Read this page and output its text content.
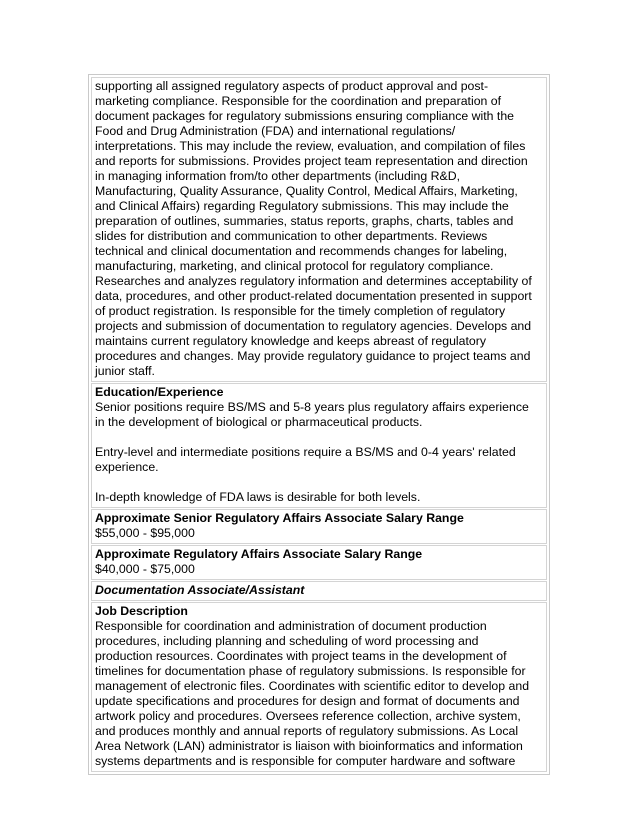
supporting all assigned regulatory aspects of product approval and post-
marketing compliance. Responsible for the coordination and preparation of
document packages for regulatory submissions ensuring compliance with the
Food and Drug Administration (FDA) and international regulations/
interpretations. This may include the review, evaluation, and compilation of files
and reports for submissions. Provides project team representation and direction
in managing information from/to other departments (including R&D,
Manufacturing, Quality Assurance, Quality Control, Medical Affairs, Marketing,
and Clinical Affairs) regarding Regulatory submissions. This may include the
preparation of outlines, summaries, status reports, graphs, charts, tables and
slides for distribution and communication to other departments. Reviews
technical and clinical documentation and recommends changes for labeling,
manufacturing, marketing, and clinical protocol for regulatory compliance.
Researches and analyzes regulatory information and determines acceptability of
data, procedures, and other product-related documentation presented in support
of product registration. Is responsible for the timely completion of regulatory
projects and submission of documentation to regulatory agencies. Develops and
maintains current regulatory knowledge and keeps abreast of regulatory
procedures and changes. May provide regulatory guidance to project teams and
junior staff.
Education/Experience
Senior positions require BS/MS and 5-8 years plus regulatory affairs experience
in the development of biological or pharmaceutical products.
Entry-level and intermediate positions require a BS/MS and 0-4 years' related
experience.
In-depth knowledge of FDA laws is desirable for both levels.
Approximate Senior Regulatory Affairs Associate Salary Range
$55,000 - $95,000
Approximate Regulatory Affairs Associate Salary Range
$40,000 - $75,000
Documentation Associate/Assistant
Job Description
Responsible for coordination and administration of document production
procedures, including planning and scheduling of word processing and
production resources. Coordinates with project teams in the development of
timelines for documentation phase of regulatory submissions. Is responsible for
management of electronic files. Coordinates with scientific editor to develop and
update specifications and procedures for design and format of documents and
artwork policy and procedures. Oversees reference collection, archive system,
and produces monthly and annual reports of regulatory submissions. As Local
Area Network (LAN) administrator is liaison with bioinformatics and information
systems departments and is responsible for computer hardware and software
